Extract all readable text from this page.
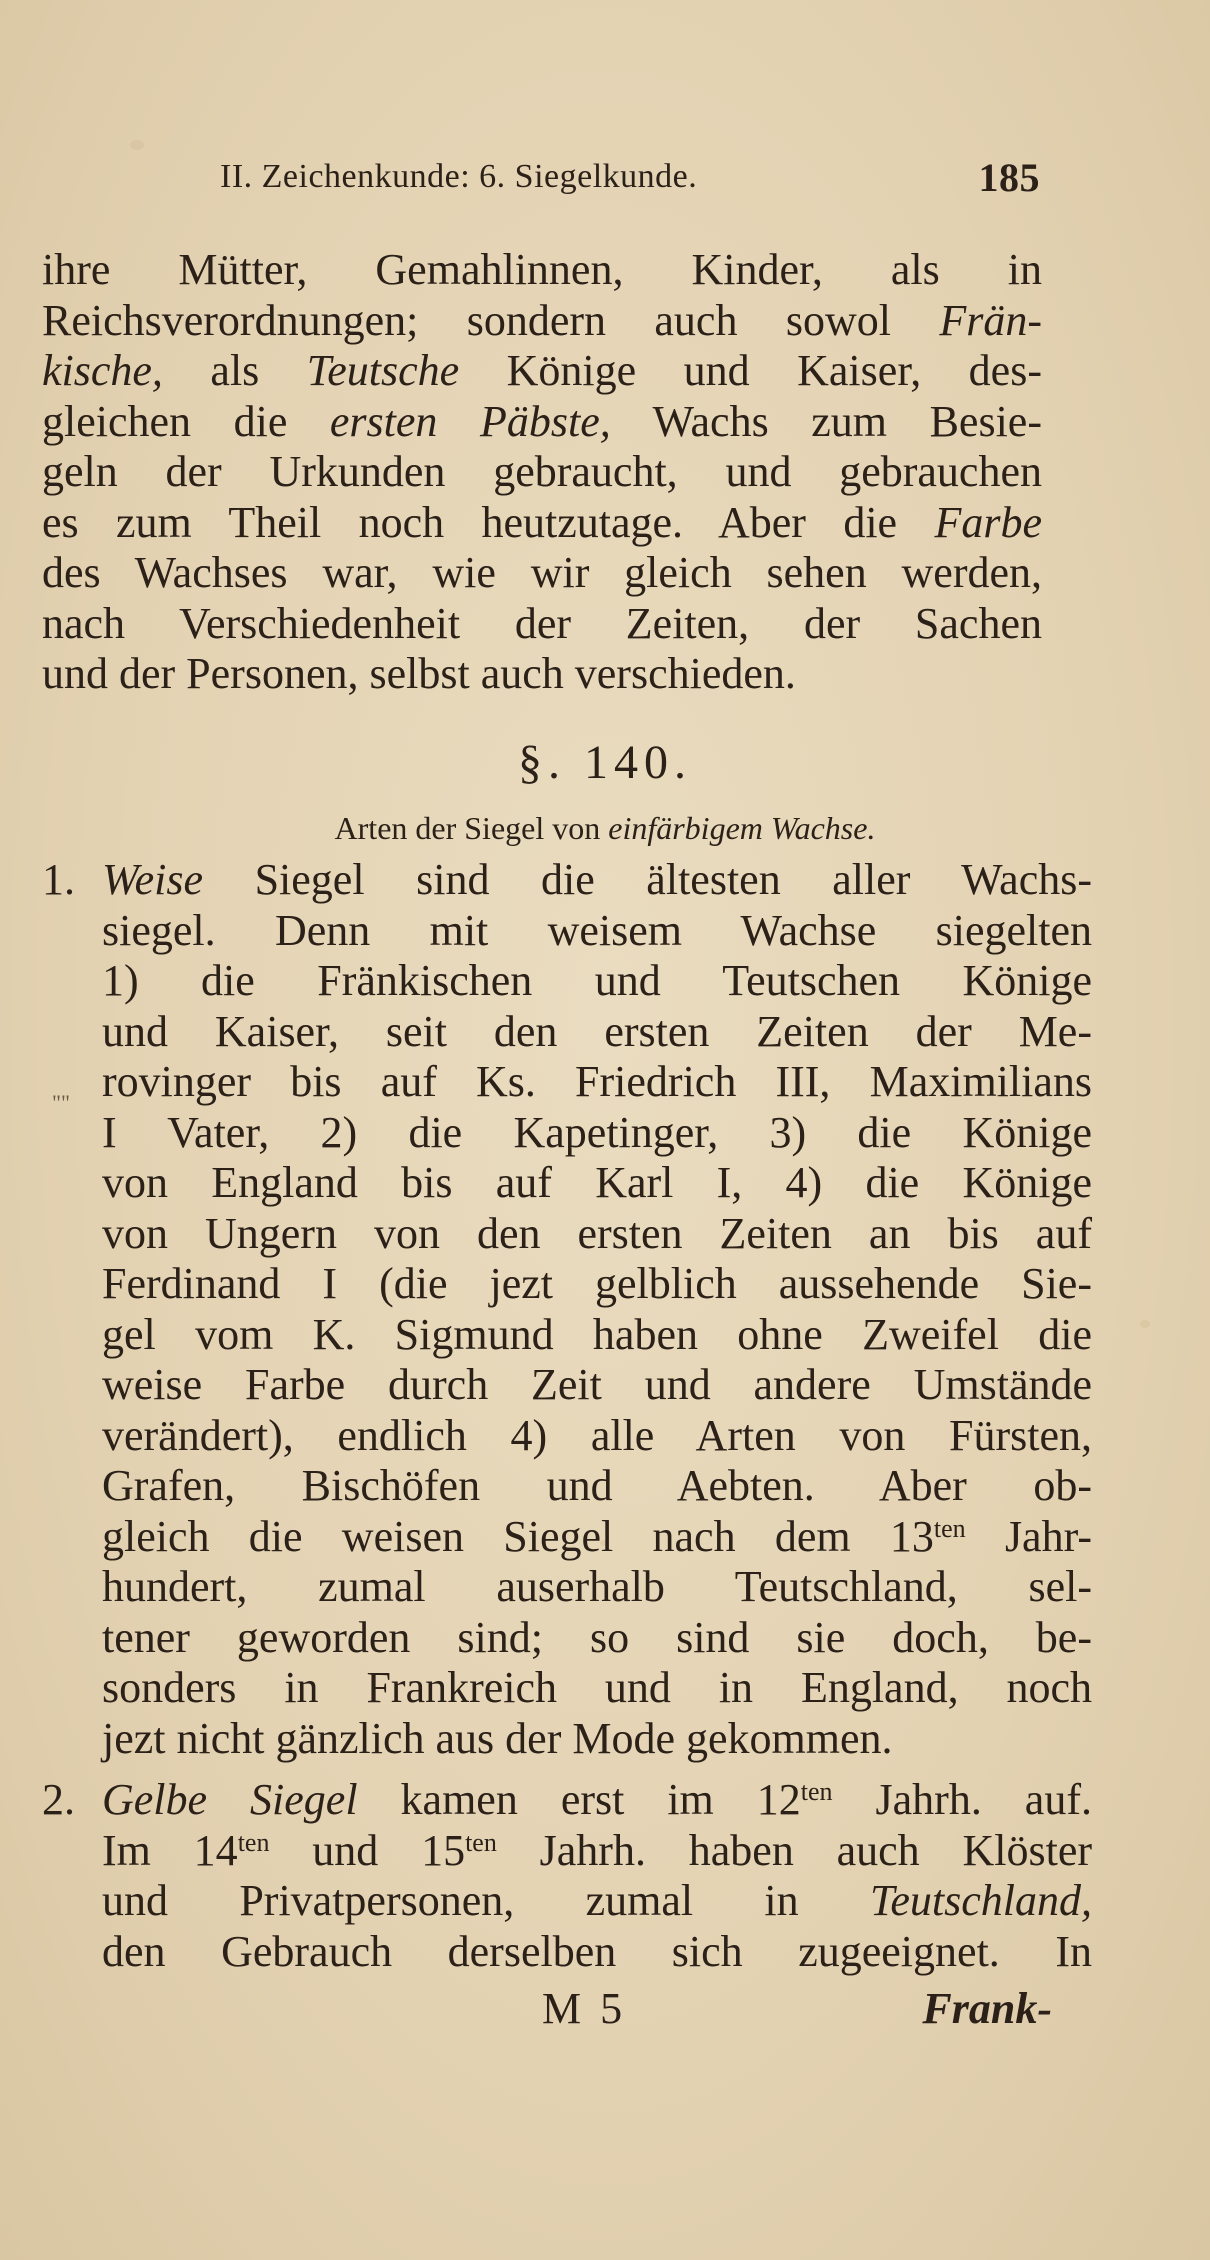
II. Zeichenkunde: 6. Siegelkunde.	185
ihre Mütter, Gemahlinnen, Kinder, als in
Reichsverordnungen; sondern auch sowol Frän-
kische, als Teutsche Könige und Kaiser, des-
gleichen die ersten Päbste, Wachs zum Besie-
geln der Urkunden gebraucht, und gebrauchen
es zum Theil noch heutzutage. Aber die Farbe
des Wachses war, wie wir gleich sehen werden,
nach Verschiedenheit der Zeiten, der Sachen
und der Personen, selbst auch verschieden.
§. 140.
Arten der Siegel von einfärbigem Wachse.
1. Weise Siegel sind die ältesten aller Wachs-
siegel. Denn mit weisem Wachse siegelten
1) die Fränkischen und Teutschen Könige
und Kaiser, seit den ersten Zeiten der Me-
rovinger bis auf Ks. Friedrich III, Maximilians
I Vater, 2) die Kapetinger, 3) die Könige
von England bis auf Karl I, 4) die Könige
von Ungern von den ersten Zeiten an bis auf
Ferdinand I (die jezt gelblich aussehende Sie-
gel vom K. Sigmund haben ohne Zweifel die
weise Farbe durch Zeit und andere Umstände
verändert), endlich 4) alle Arten von Fürsten,
Grafen, Bischöfen und Aebten. Aber ob-
gleich die weisen Siegel nach dem $13^{ten}$ Jahr-
hundert, zumal auserhalb Teutschland, sel-
tener geworden sind; so sind sie doch, be-
sonders in Frankreich und in England, noch
jezt nicht gänzlich aus der Mode gekommen.
""
2. Gelbe Siegel kamen erst im $12^{ten}$ Jahrh. auf.
Im $14^{ten}$ und $15^{ten}$ Jahrh. haben auch Klöster
und Privatpersonen, zumal in Teutschland,
den Gebrauch derselben sich zugeeignet. In
M 5	Frank-
